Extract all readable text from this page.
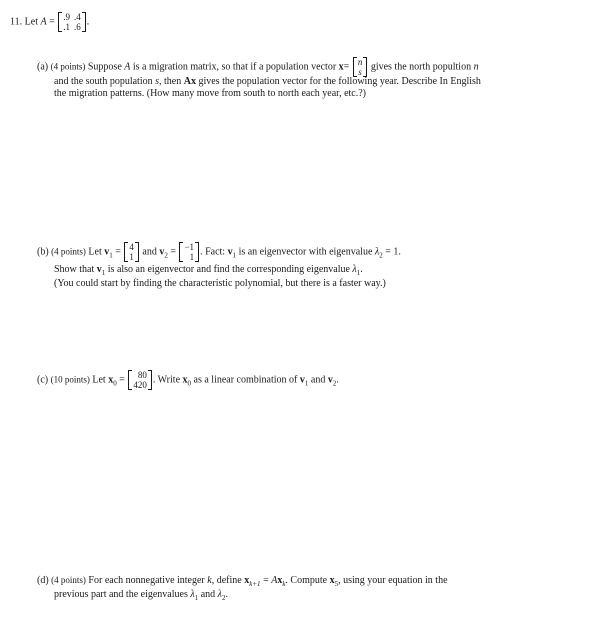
11. Let A = .9	.4
.1	.6 .
(a) (4 points) Suppose A is a migration matrix, so that if a population vector x= n
s gives the north popultion n
and the south population s, then Ax gives the population vector for the following year. Describe In English
the migration patterns. (How many move from south to north each year, etc.?)
(b) (4 points) Let $v_1 = 4$
1 and $v_2 = -1$
1 . Fact: $v_1$ is an eigenvector with eigenvalue $\lambda_2 = 1$.
Show that $v_1$ is also an eigenvector and find the corresponding eigenvalue $\lambda_1$.
(You could start by finding the characteristic polynomial, but there is a faster way.)
(c) (10 points) Let $x_0 = 80$
420 . Write $x_0$ as a linear combination of $v_1$ and $v_2$.
(d) (4 points) For each nonnegative integer k, define $x_{k+1} = Ax_k$. Compute $x_5$, using your equation in the
previous part and the eigenvalues $\lambda_1$ and $\lambda_2$.
